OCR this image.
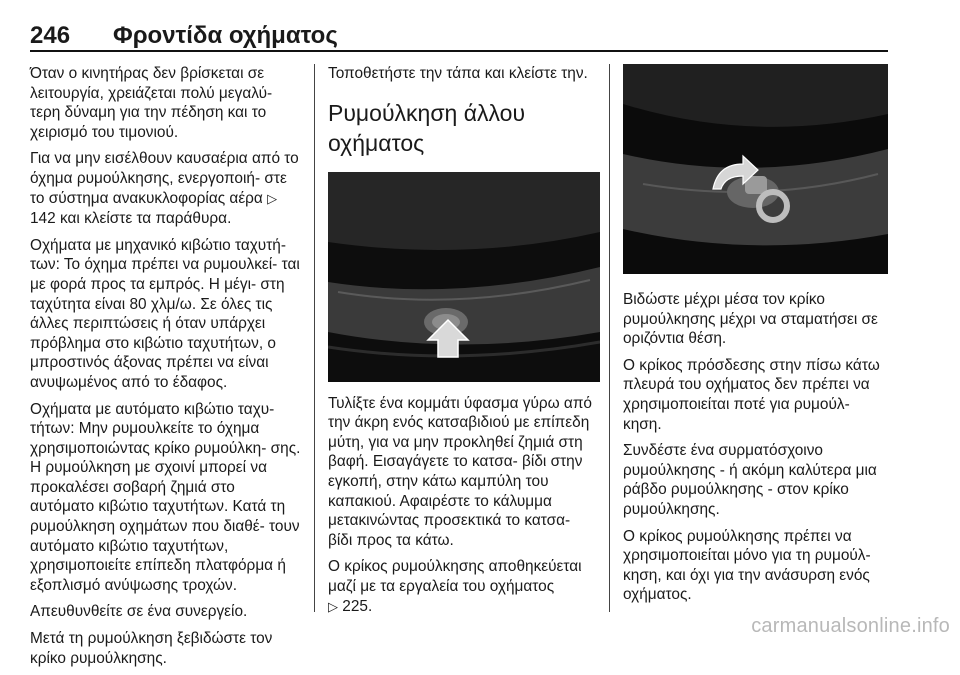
246 Φροντίδα οχήματος

Όταν ο κινητήρας δεν βρίσκεται σε λειτουργία, χρειάζεται πολύ μεγαλύ- τερη δύναμη για την πέδηση και το χειρισμό του τιμονιού.

Για να μην εισέλθουν καυσαέρια από το όχημα ρυμούλκησης, ενεργοποιή- στε το σύστημα ανακυκλοφορίας αέρα ▷ 142 και κλείστε τα παράθυρα.

Οχήματα με μηχανικό κιβώτιο ταχυτή- των: Το όχημα πρέπει να ρυμουλκεί- ται με φορά προς τα εμπρός. Η μέγι- στη ταχύτητα είναι 80 χλμ/ω. Σε όλες τις άλλες περιπτώσεις ή όταν υπάρχει πρόβλημα στο κιβώτιο ταχυτήτων, ο μπροστινός άξονας πρέπει να είναι ανυψωμένος από το έδαφος.

Οχήματα με αυτόματο κιβώτιο ταχυ- τήτων: Μην ρυμουλκείτε το όχημα χρησιμοποιώντας κρίκο ρυμούλκη- σης. Η ρυμούλκηση με σχοινί μπορεί να προκαλέσει σοβαρή ζημιά στο αυτόματο κιβώτιο ταχυτήτων. Κατά τη ρυμούλκηση οχημάτων που διαθέ- τουν αυτόματο κιβώτιο ταχυτήτων, χρησιμοποιείτε επίπεδη πλατφόρμα ή εξοπλισμό ανύψωσης τροχών.

Απευθυνθείτε σε ένα συνεργείο.

Μετά τη ρυμούλκηση ξεβιδώστε τον κρίκο ρυμούλκησης.

Τοποθετήστε την τάπα και κλείστε την.

Ρυμούλκηση άλλου οχήματος

Τυλίξτε ένα κομμάτι ύφασμα γύρω από την άκρη ενός κατσαβιδιού με επίπεδη μύτη, για να μην προκληθεί ζημιά στη βαφή. Εισαγάγετε το κατσα- βίδι στην εγκοπή, στην κάτω καμπύλη του καπακιού. Αφαιρέστε το κάλυμμα μετακινώντας προσεκτικά το κατσα- βίδι προς τα κάτω.

Ο κρίκος ρυμούλκησης αποθηκεύεται μαζί με τα εργαλεία του οχήματος
▷ 225.

Βιδώστε μέχρι μέσα τον κρίκο ρυμούλκησης μέχρι να σταματήσει σε οριζόντια θέση.

Ο κρίκος πρόσδεσης στην πίσω κάτω πλευρά του οχήματος δεν πρέπει να χρησιμοποιείται ποτέ για ρυμούλ- κηση.

Συνδέστε ένα συρματόσχοινο ρυμούλκησης - ή ακόμη καλύτερα μια ράβδο ρυμούλκησης - στον κρίκο ρυμούλκησης.

Ο κρίκος ρυμούλκησης πρέπει να χρησιμοποιείται μόνο για τη ρυμούλ- κηση, και όχι για την ανάσυρση ενός οχήματος.

carmanualsonline.info
